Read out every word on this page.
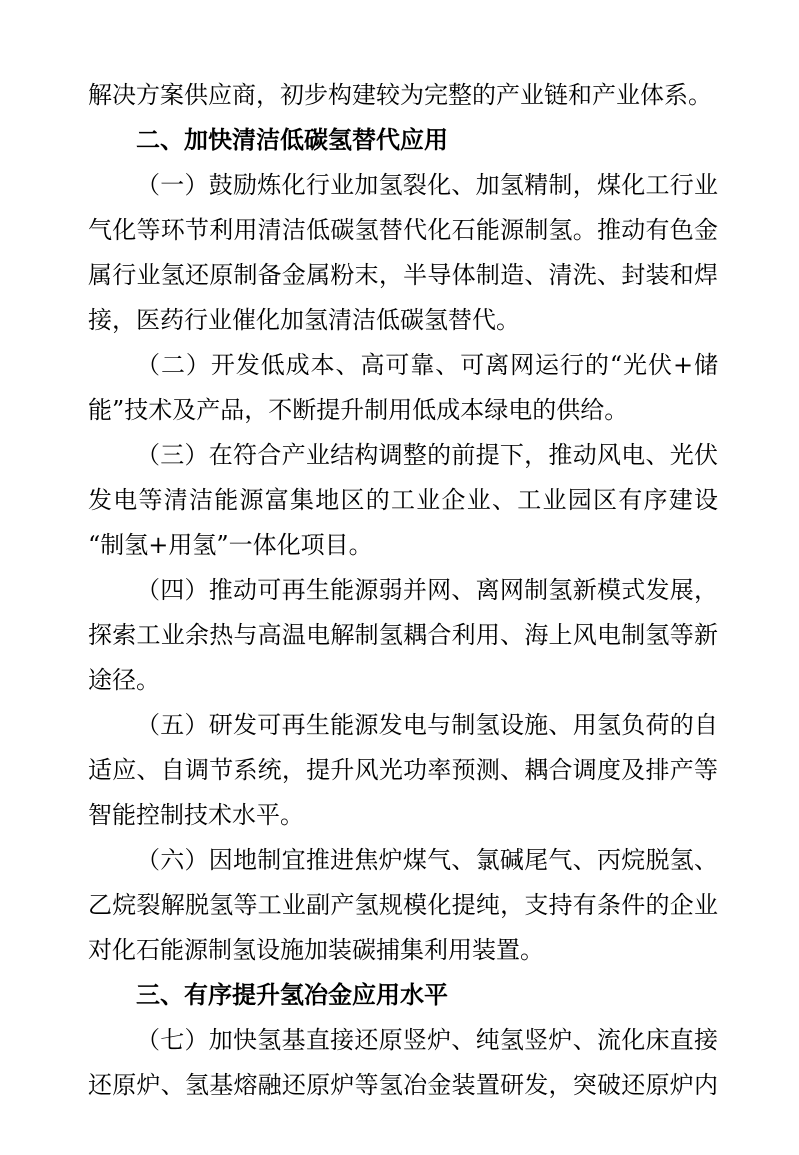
解决方案供应商，初步构建较为完整的产业链和产业体系。
二、加快清洁低碳氢替代应用
（一）鼓励炼化行业加氢裂化、加氢精制，煤化工行业
气化等环节利用清洁低碳氢替代化石能源制氢。推动有色金
属行业氢还原制备金属粉末，半导体制造、清洗、封装和焊
接，医药行业催化加氢清洁低碳氢替代。
（二）开发低成本、高可靠、可离网运行的“光伏+储
能”技术及产品，不断提升制用低成本绿电的供给。
（三）在符合产业结构调整的前提下，推动风电、光伏
发电等清洁能源富集地区的工业企业、工业园区有序建设
“制氢+用氢”一体化项目。
（四）推动可再生能源弱并网、离网制氢新模式发展，
探索工业余热与高温电解制氢耦合利用、海上风电制氢等新
途径。
（五）研发可再生能源发电与制氢设施、用氢负荷的自
适应、自调节系统，提升风光功率预测、耦合调度及排产等
智能控制技术水平。
（六）因地制宜推进焦炉煤气、氯碱尾气、丙烷脱氢、
乙烷裂解脱氢等工业副产氢规模化提纯，支持有条件的企业
对化石能源制氢设施加装碳捕集利用装置。
三、有序提升氢冶金应用水平
（七）加快氢基直接还原竖炉、纯氢竖炉、流化床直接
还原炉、氢基熔融还原炉等氢冶金装置研发，突破还原炉内
